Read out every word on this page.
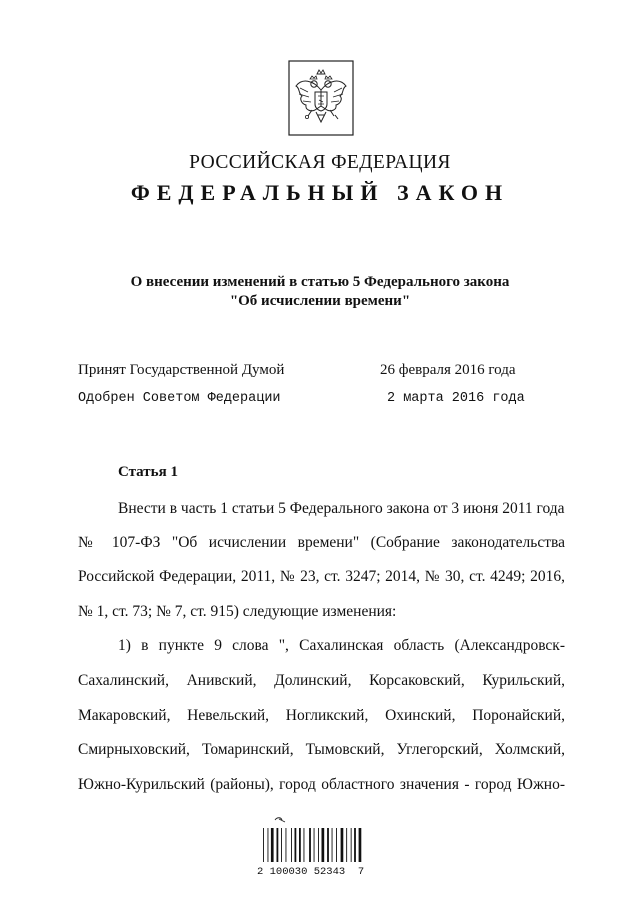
РОССИЙСКАЯ ФЕДЕРАЦИЯ
ФЕДЕРАЛЬНЫЙ ЗАКОН
О внесении изменений в статью 5 Федерального закона
"Об исчислении времени"
Принят Государственной Думой	26 февраля 2016 года
Одобрен Советом Федерации	2 марта 2016 года
Статья 1
Внести в часть 1 статьи 5 Федерального закона от 3 июня 2011 года
№ 107-ФЗ "Об исчислении времени" (Собрание законодательства
Российской Федерации, 2011, № 23, ст. 3247; 2014, № 30, ст. 4249; 2016,
№ 1, ст. 73; № 7, ст. 915) следующие изменения:
1) в пункте 9 слова ", Сахалинская область (Александровск-
Сахалинский, Анивский, Долинский, Корсаковский, Курильский,
Макаровский, Невельский, Ногликский, Охинский, Поронайский,
Смирныховский, Томаринский, Тымовский, Углегорский, Холмский,
Южно-Курильский (районы), город областного значения - город Южно-
2 100030 52343  7
